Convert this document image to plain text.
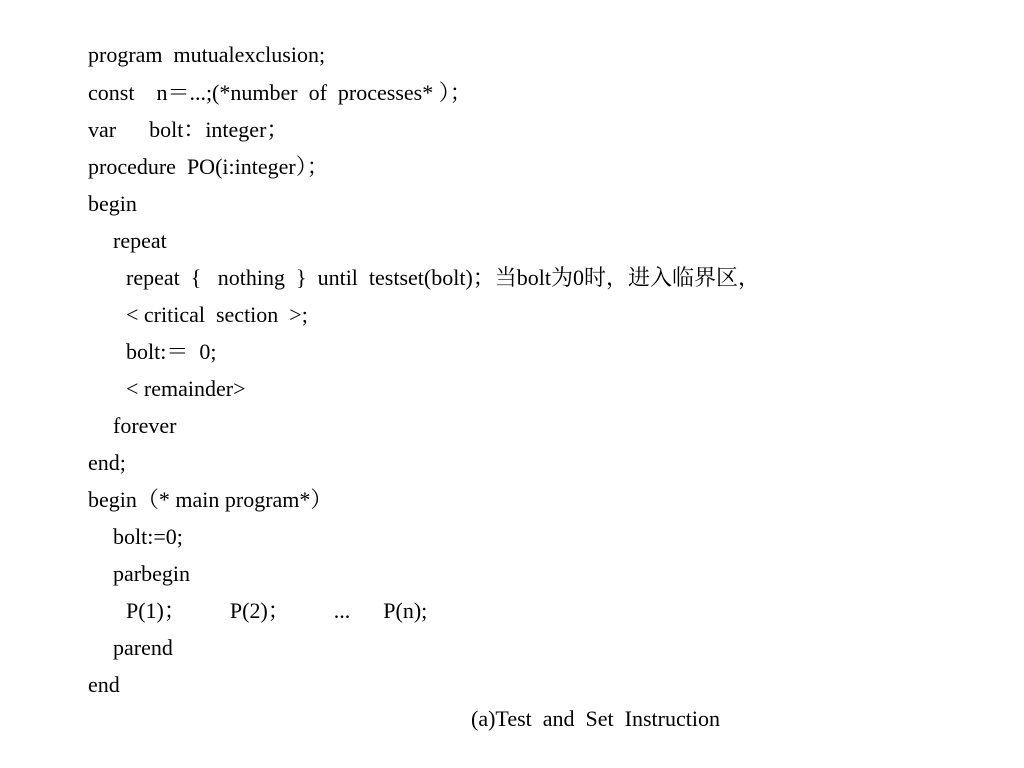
program  mutualexclusion;

const    n＝...;(*number  of  processes* ）；

var      bolt：integer；

procedure  PO(i:integer）；

begin

repeat

repeat  {   nothing  }  until  testset(bolt)；当bolt为0时，进入临界区，

< critical  section  >;

bolt:＝  0;

< remainder>

forever

end;

begin（* main program*）

bolt:=0;

parbegin

P(1)；        P(2)；        ...      P(n);

parend

end

(a)Test  and  Set  Instruction
